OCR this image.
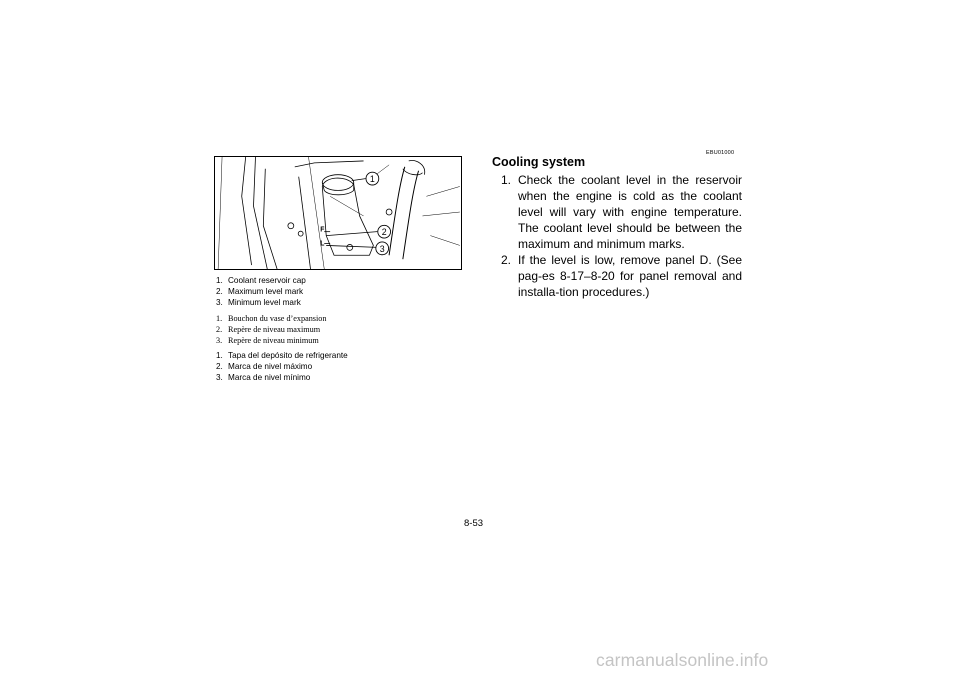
1
2
3
F
L
1. Coolant reservoir cap
2. Maximum level mark
3. Minimum level mark
1. Bouchon du vase d’expansion
2. Repère de niveau maximum
3. Repère de niveau minimum
1. Tapa del depósito de refrigerante
2. Marca de nivel máximo
3. Marca de nivel mínimo
EBU01000
Cooling system
1. Check the coolant level in the reservoir when the engine is cold as the coolant level will vary with engine temperature. The coolant level should be between the maximum and minimum marks.
2. If the level is low, remove panel D. (See pag-es 8-17–8-20 for panel removal and installa-tion procedures.)
8-53
carmanualsonline.info
